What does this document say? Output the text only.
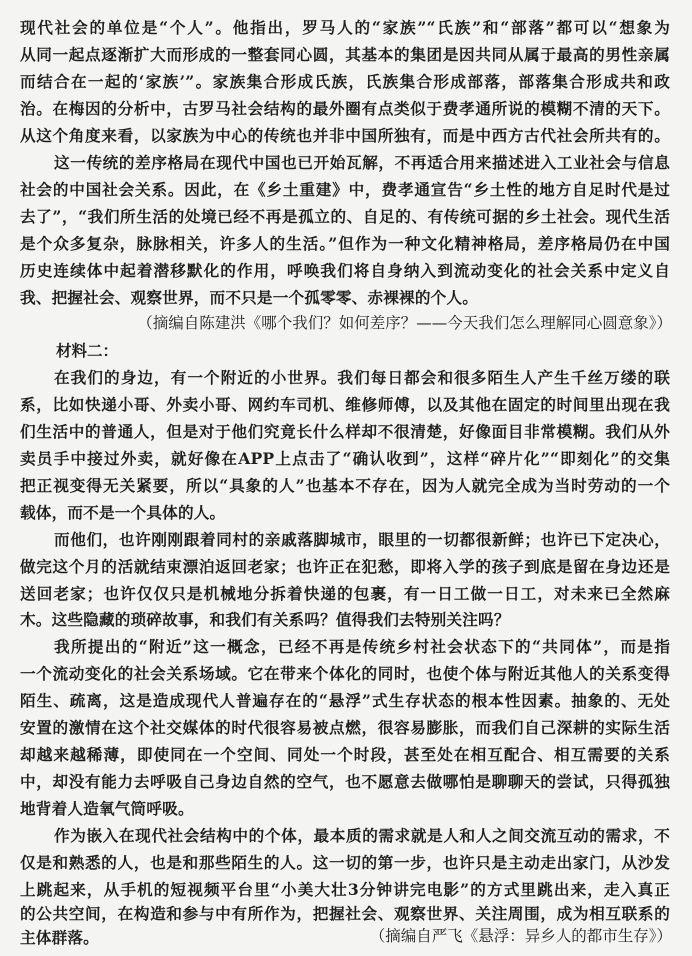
现代社会的单位是“个人”。他指出，罗马人的“家族”“氏族”和“部落”都可以“想象为
从同一起点逐渐扩大而形成的一整套同心圆，其基本的集团是因共同从属于最高的男性亲属
而结合在一起的‘家族’”。家族集合形成氏族，氏族集合形成部落，部落集合形成共和政
治。在梅因的分析中，古罗马社会结构的最外圈有点类似于费孝通所说的模糊不清的天下。
从这个角度来看，以家族为中心的传统也并非中国所独有，而是中西方古代社会所共有的。
这一传统的差序格局在现代中国也已开始瓦解，不再适合用来描述进入工业社会与信息
社会的中国社会关系。因此，在《乡土重建》中，费孝通宣告“乡土性的地方自足时代是过
去了”，“我们所生活的处境已经不再是孤立的、自足的、有传统可据的乡土社会。现代生活
是个众多复杂，脉脉相关，许多人的生活。”但作为一种文化精神格局，差序格局仍在中国
历史连续体中起着潜移默化的作用，呼唤我们将自身纳入到流动变化的社会关系中定义自
我、把握社会、观察世界，而不只是一个孤零零、赤裸裸的个人。
（摘编自陈建洪《哪个我们？如何差序？——今天我们怎么理解同心圆意象》）
材料二：
在我们的身边，有一个附近的小世界。我们每日都会和很多陌生人产生千丝万缕的联
系，比如快递小哥、外卖小哥、网约车司机、维修师傅，以及其他在固定的时间里出现在我
们生活中的普通人，但是对于他们究竟长什么样却不很清楚，好像面目非常模糊。我们从外
卖员手中接过外卖，就好像在APP上点击了“确认收到”，这样“碎片化”“即刻化”的交集
把正视变得无关紧要，所以“具象的人”也基本不存在，因为人就完全成为当时劳动的一个
载体，而不是一个具体的人。
而他们，也许刚刚跟着同村的亲戚落脚城市，眼里的一切都很新鲜；也许已下定决心，
做完这个月的活就结束漂泊返回老家；也许正在犯愁，即将入学的孩子到底是留在身边还是
送回老家；也许仅仅只是机械地分拆着快递的包裹，有一日工做一日工，对未来已全然麻
木。这些隐藏的琐碎故事，和我们有关系吗？值得我们去特别关注吗？
我所提出的“附近”这一概念，已经不再是传统乡村社会状态下的“共同体”，而是指
一个流动变化的社会关系场域。它在带来个体化的同时，也使个体与附近其他人的关系变得
陌生、疏离，这是造成现代人普遍存在的“悬浮”式生存状态的根本性因素。抽象的、无处
安置的激情在这个社交媒体的时代很容易被点燃，很容易膨胀，而我们自己深耕的实际生活
却越来越稀薄，即使同在一个空间、同处一个时段，甚至处在相互配合、相互需要的关系
中，却没有能力去呼吸自己身边自然的空气，也不愿意去做哪怕是聊聊天的尝试，只得孤独
地背着人造氧气筒呼吸。
作为嵌入在现代社会结构中的个体，最本质的需求就是人和人之间交流互动的需求，不
仅是和熟悉的人，也是和那些陌生的人。这一切的第一步，也许只是主动走出家门，从沙发
上跳起来，从手机的短视频平台里“小美大壮3分钟讲完电影”的方式里跳出来，走入真正
的公共空间，在构造和参与中有所作为，把握社会、观察世界、关注周围，成为相互联系的
主体群落。	（摘编自严飞《悬浮：异乡人的都市生存》）
